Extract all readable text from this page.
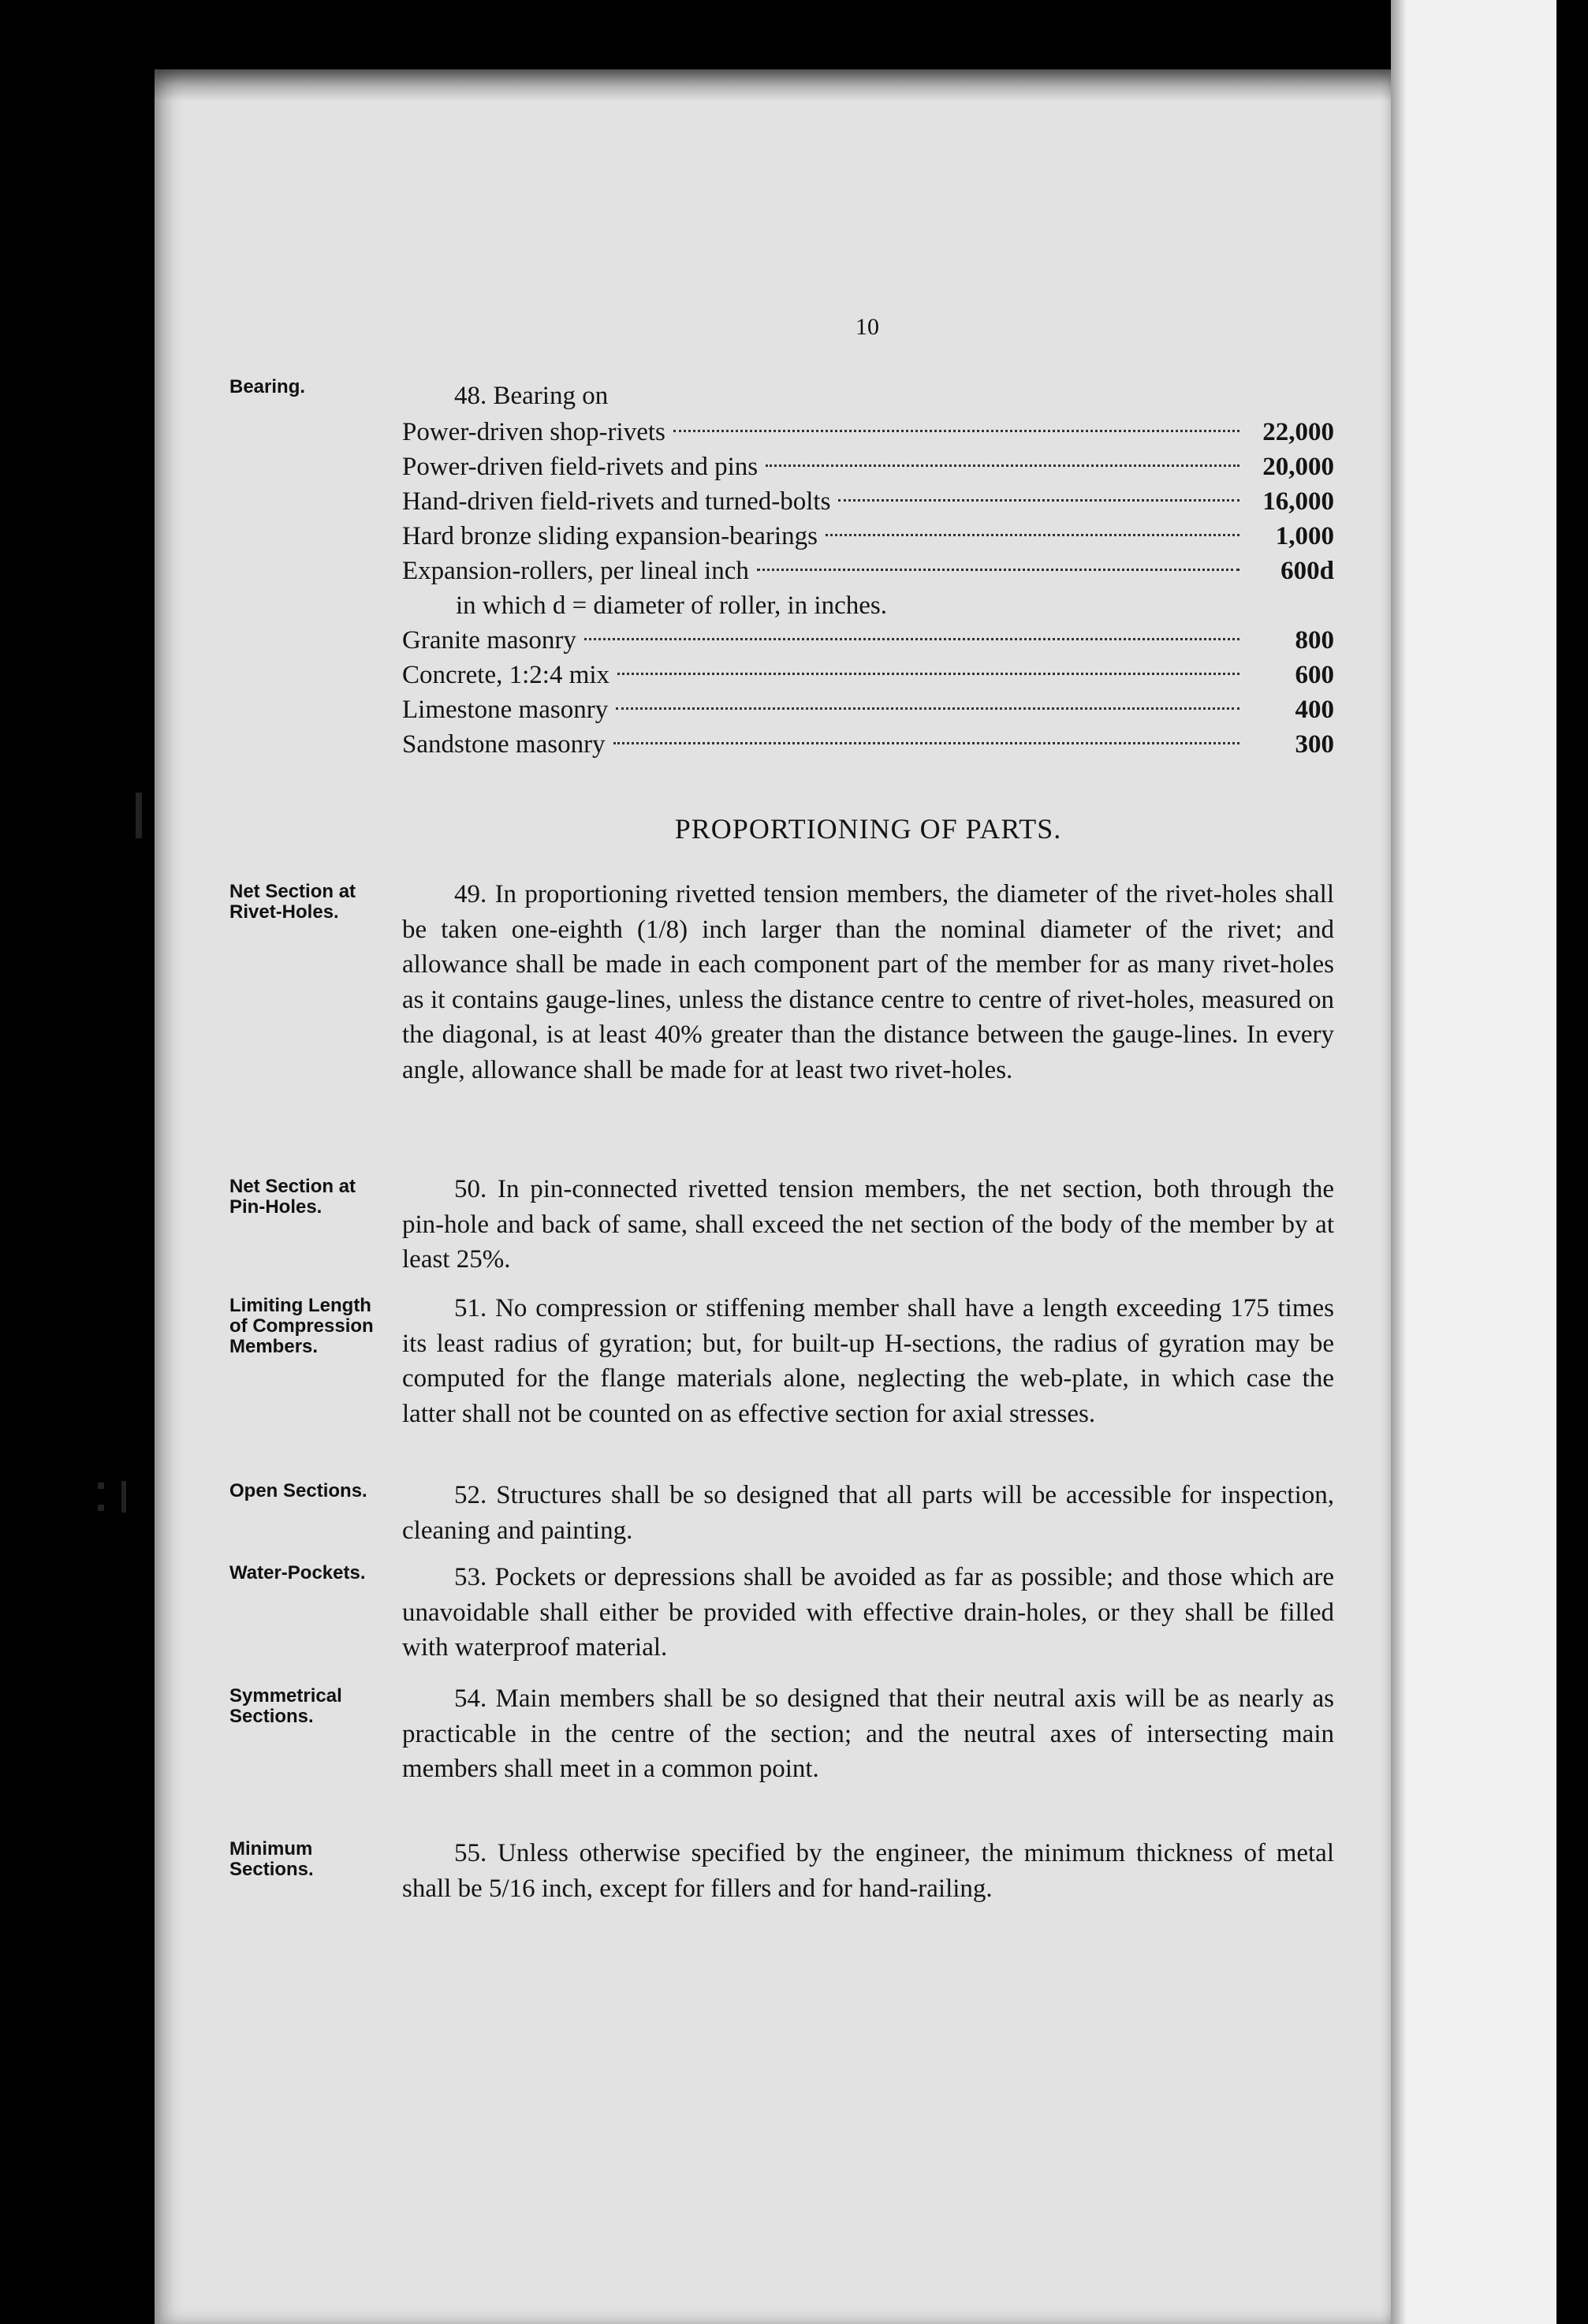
10
Bearing.	48. Bearing on
Power-driven shop-rivets	22,000
Power-driven field-rivets and pins	20,000
Hand-driven field-rivets and turned-bolts	16,000
Hard bronze sliding expansion-bearings	1,000
Expansion-rollers, per lineal inch	600d
in which d = diameter of roller, in inches.
Granite masonry	800
Concrete, 1:2:4 mix	600
Limestone masonry	400
Sandstone masonry	300
PROPORTIONING OF PARTS.
Net Section at Rivet-Holes.
49. In proportioning rivetted tension members, the diameter of the rivet-holes shall be taken one-eighth (1/8) inch larger than the nominal diameter of the rivet; and allowance shall be made in each component part of the member for as many rivet-holes as it contains gauge-lines, unless the distance centre to centre of rivet-holes, measured on the diagonal, is at least 40% greater than the distance between the gauge-lines. In every angle, allowance shall be made for at least two rivet-holes.
Net Section at Pin-Holes.
50. In pin-connected rivetted tension members, the net section, both through the pin-hole and back of same, shall exceed the net section of the body of the member by at least 25%.
Limiting Length of Compression Members.
51. No compression or stiffening member shall have a length exceeding 175 times its least radius of gyration; but, for built-up H-sections, the radius of gyration may be computed for the flange materials alone, neglecting the web-plate, in which case the latter shall not be counted on as effective section for axial stresses.
Open Sections.	52. Structures shall be so designed that all parts will be accessible for inspection, cleaning and painting.
Water-Pockets.	53. Pockets or depressions shall be avoided as far as possible; and those which are unavoidable shall either be provided with effective drain-holes, or they shall be filled with waterproof material.
Symmetrical Sections.
54. Main members shall be so designed that their neutral axis will be as nearly as practicable in the centre of the section; and the neutral axes of intersecting main members shall meet in a common point.
Minimum Sections.
55. Unless otherwise specified by the engineer, the minimum thickness of metal shall be 5/16 inch, except for fillers and for hand-railing.
